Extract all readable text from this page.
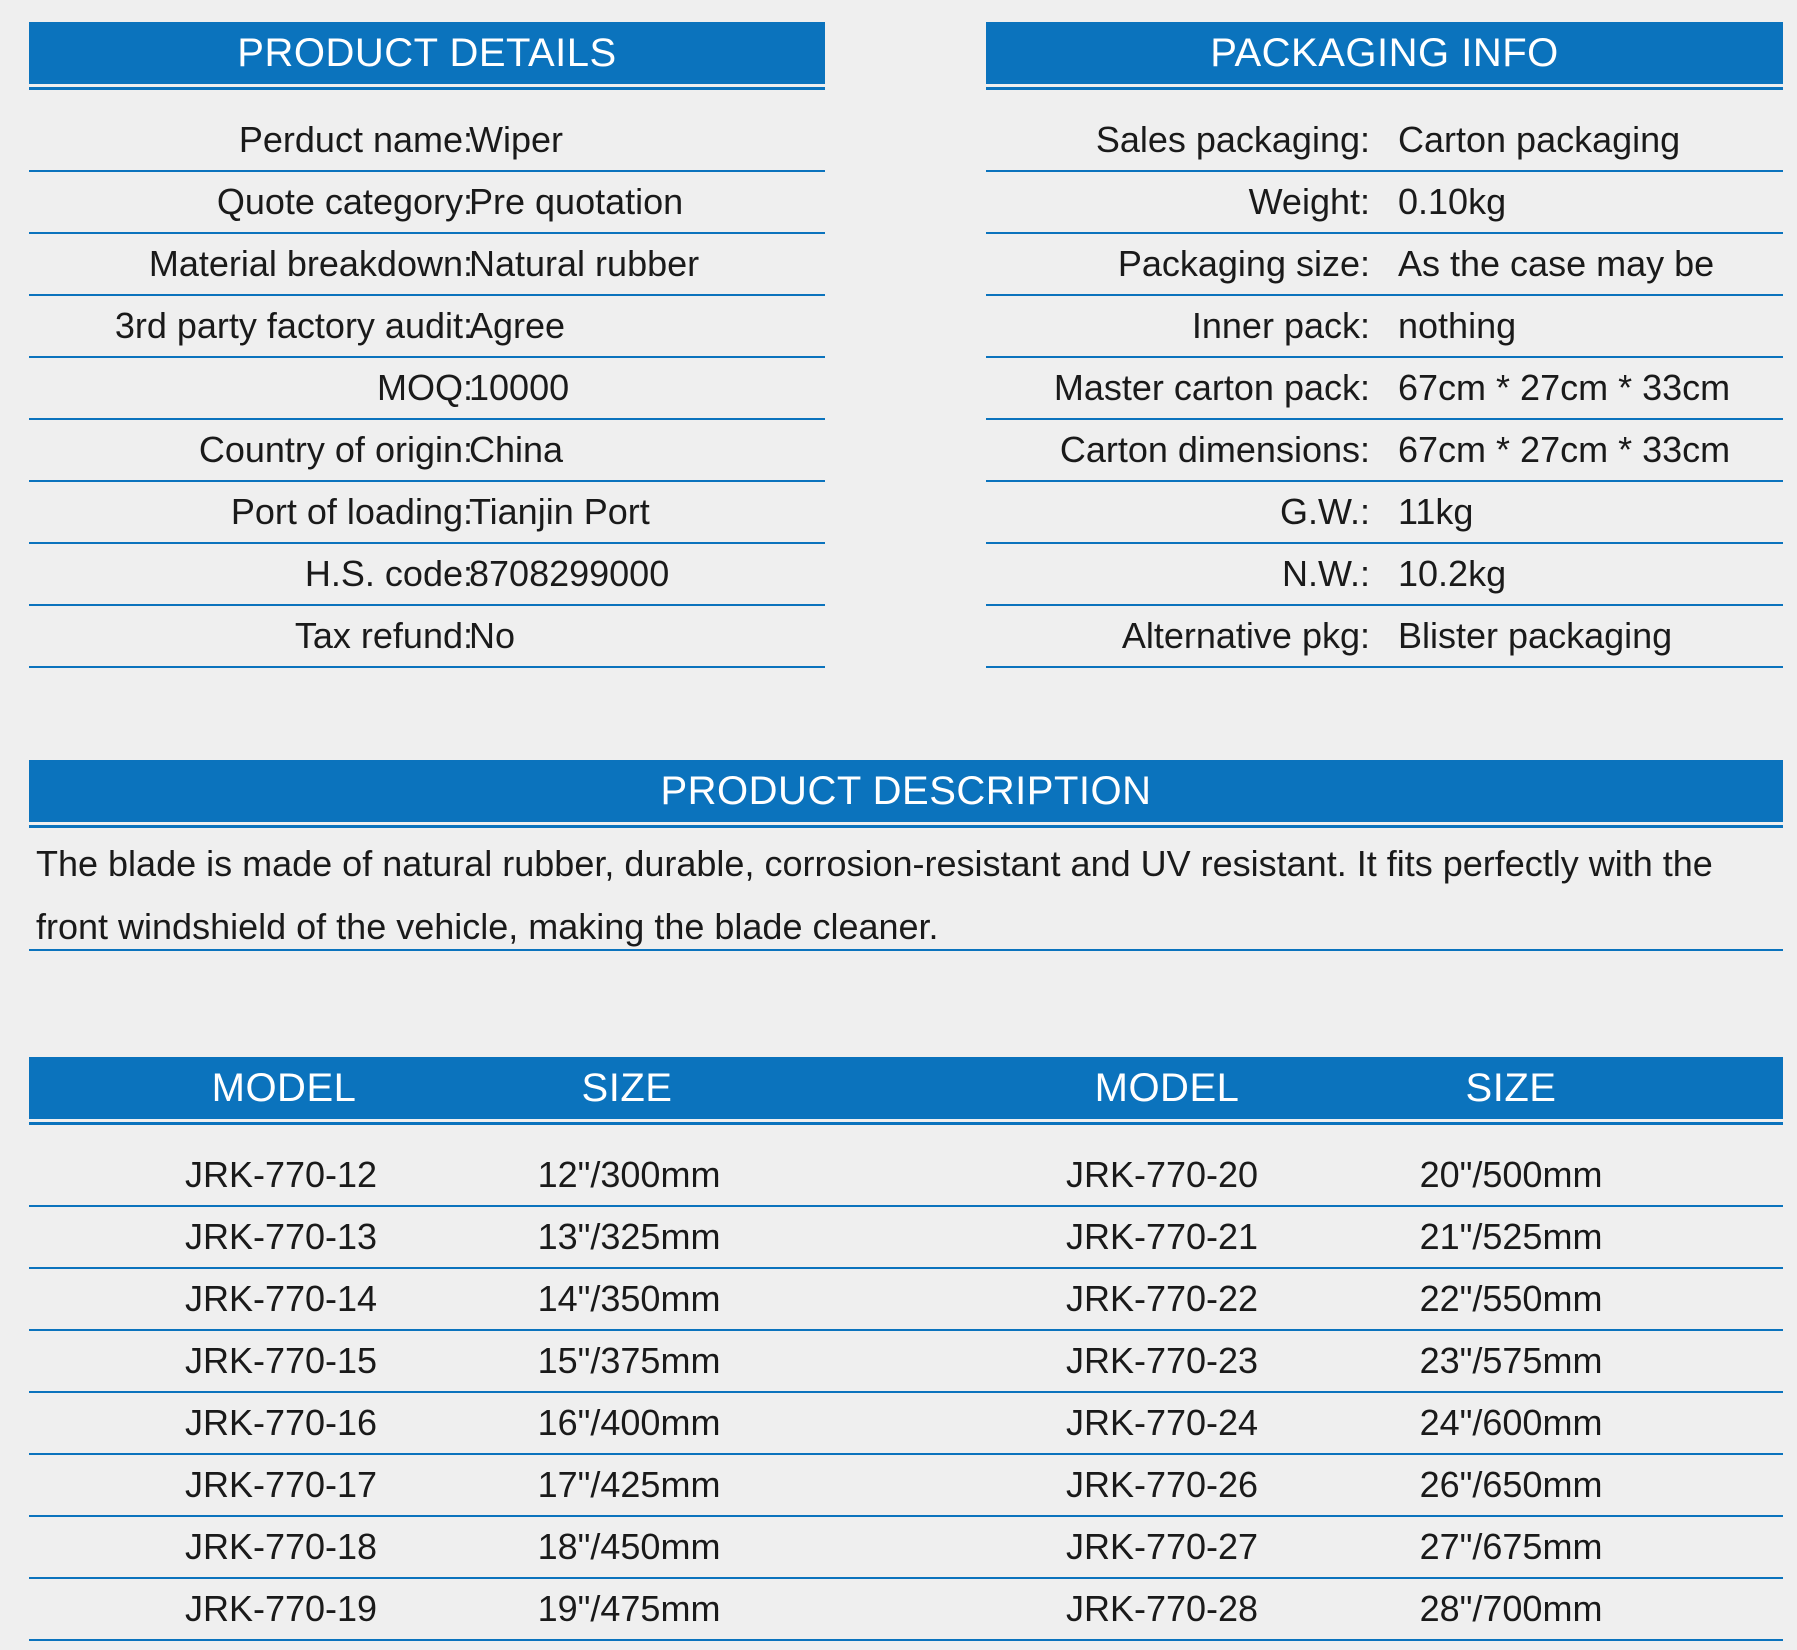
PRODUCT DETAILS
Perduct name:
Wiper
Quote category:
Pre quotation
Material breakdown:
Natural rubber
3rd party factory audit:
Agree
MOQ:
10000
Country of origin:
China
Port of loading:
Tianjin Port
H.S. code:
8708299000
Tax refund:
No
PACKAGING INFO
Sales packaging: Carton packaging
Weight: 0.10kg
Packaging size: As the case may be
Inner pack: nothing
Master carton pack: 67cm * 27cm * 33cm
Carton dimensions: 67cm * 27cm * 33cm
G.W.: 11kg
N.W.: 10.2kg
Alternative pkg: Blister packaging
PRODUCT DESCRIPTION
The blade is made of natural rubber, durable, corrosion-resistant and UV resistant. It fits perfectly with the
front windshield of the vehicle, making the blade cleaner.
MODEL	SIZE	MODEL	SIZE
JRK-770-12	12"/300mm	JRK-770-20	20"/500mm
JRK-770-13	13"/325mm	JRK-770-21	21"/525mm
JRK-770-14	14"/350mm	JRK-770-22	22"/550mm
JRK-770-15	15"/375mm	JRK-770-23	23"/575mm
JRK-770-16	16"/400mm	JRK-770-24	24"/600mm
JRK-770-17	17"/425mm	JRK-770-26	26"/650mm
JRK-770-18	18"/450mm	JRK-770-27	27"/675mm
JRK-770-19	19"/475mm	JRK-770-28	28"/700mm
